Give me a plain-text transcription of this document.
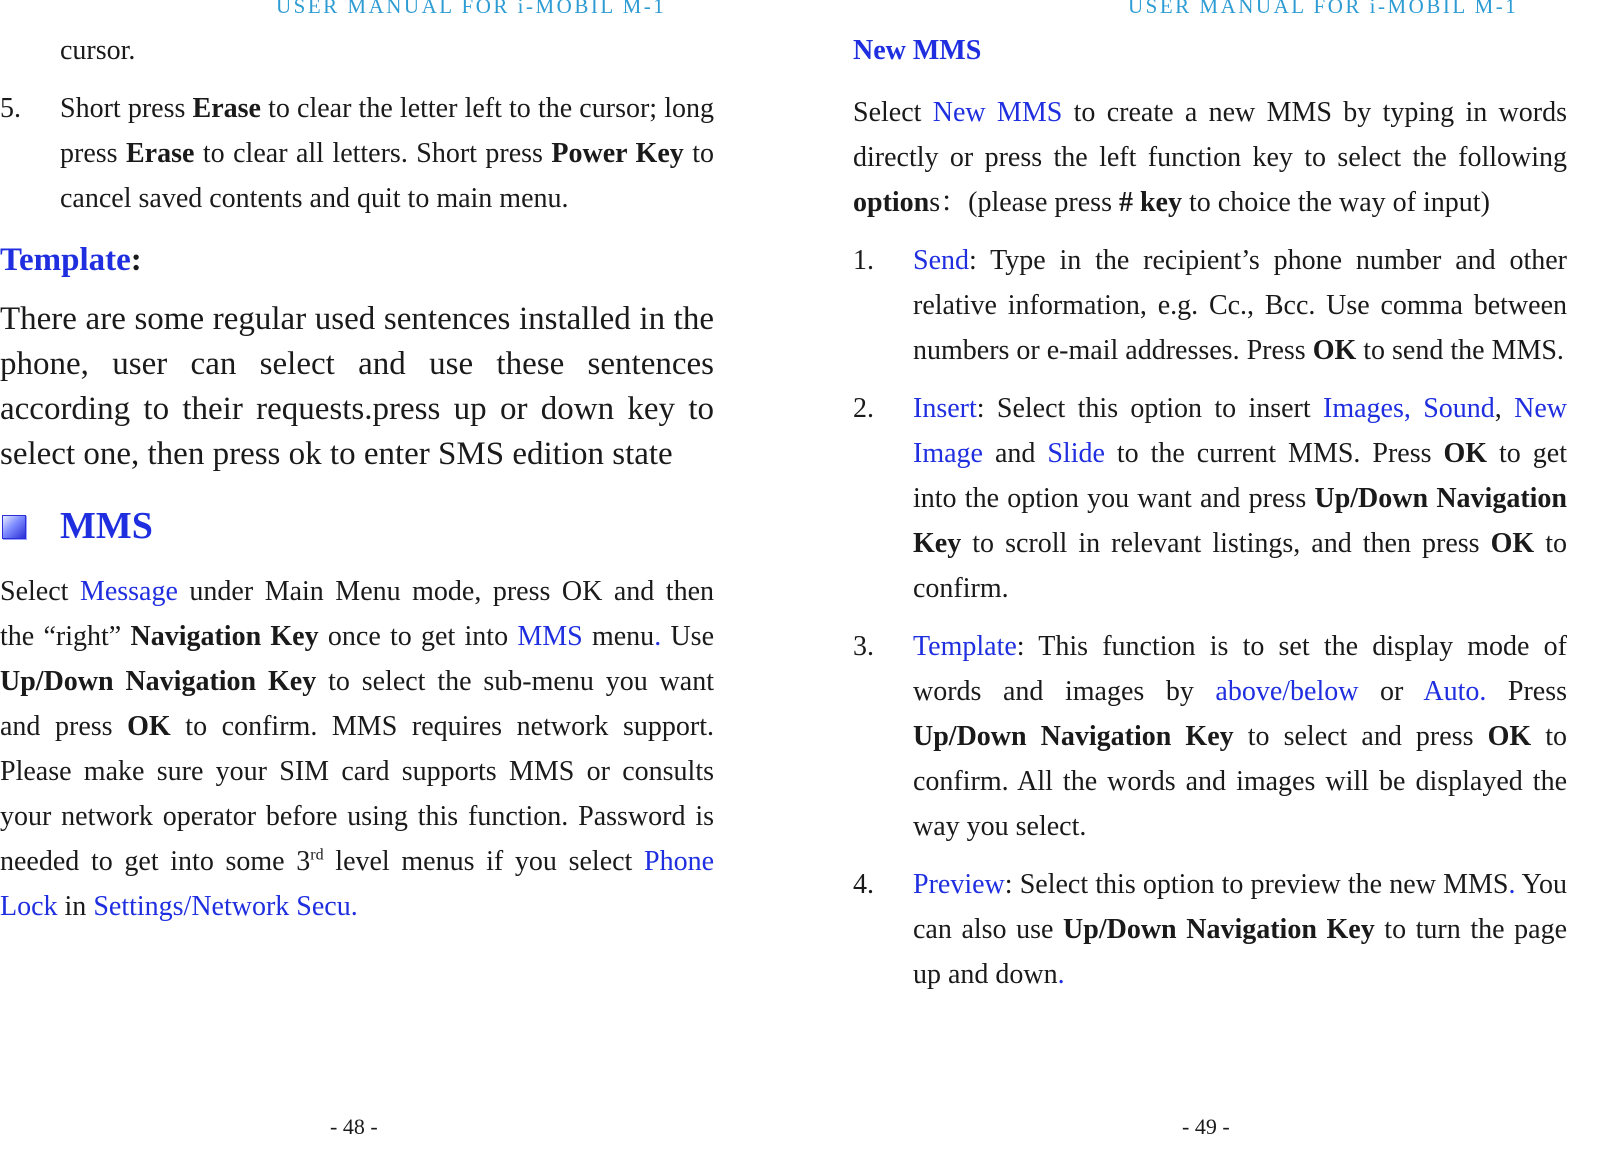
USER MANUAL FOR i-MOBIL M-1

cursor.

5. Short press Erase to clear the letter left to the cursor; long press Erase to clear all letters. Short press Power Key to cancel saved contents and quit to main menu.
Template:

There are some regular used sentences installed in the phone, user can select and use these sentences according to their requests.press up or down key to select one, then press ok to enter SMS edition state

MMS

Select Message under Main Menu mode, press OK and then the “right” Navigation Key once to get into MMS menu. Use Up/Down Navigation Key to select the sub-menu you want and press OK to confirm. MMS requires network support. Please make sure your SIM card supports MMS or consults your network operator before using this function. Password is needed to get into some 3rd level menus if you select Phone Lock in Settings/Network Secu.

- 48 -
USER MANUAL FOR i-MOBIL M-1
New MMS

Select New MMS to create a new MMS by typing in words directly or press the left function key to select the following options：(please press # key to choice the way of input)

1. Send: Type in the recipient’s phone number and other relative information, e.g. Cc., Bcc. Use comma between numbers or e-mail addresses. Press OK to send the MMS.
2. Insert: Select this option to insert Images, Sound, New Image and Slide to the current MMS. Press OK to get into the option you want and press Up/Down Navigation Key to scroll in relevant listings, and then press OK to confirm.
3. Template: This function is to set the display mode of words and images by above/below or Auto. Press Up/Down Navigation Key to select and press OK to confirm. All the words and images will be displayed the way you select.
4. Preview: Select this option to preview the new MMS. You can also use Up/Down Navigation Key to turn the page up and down.
- 49 -
